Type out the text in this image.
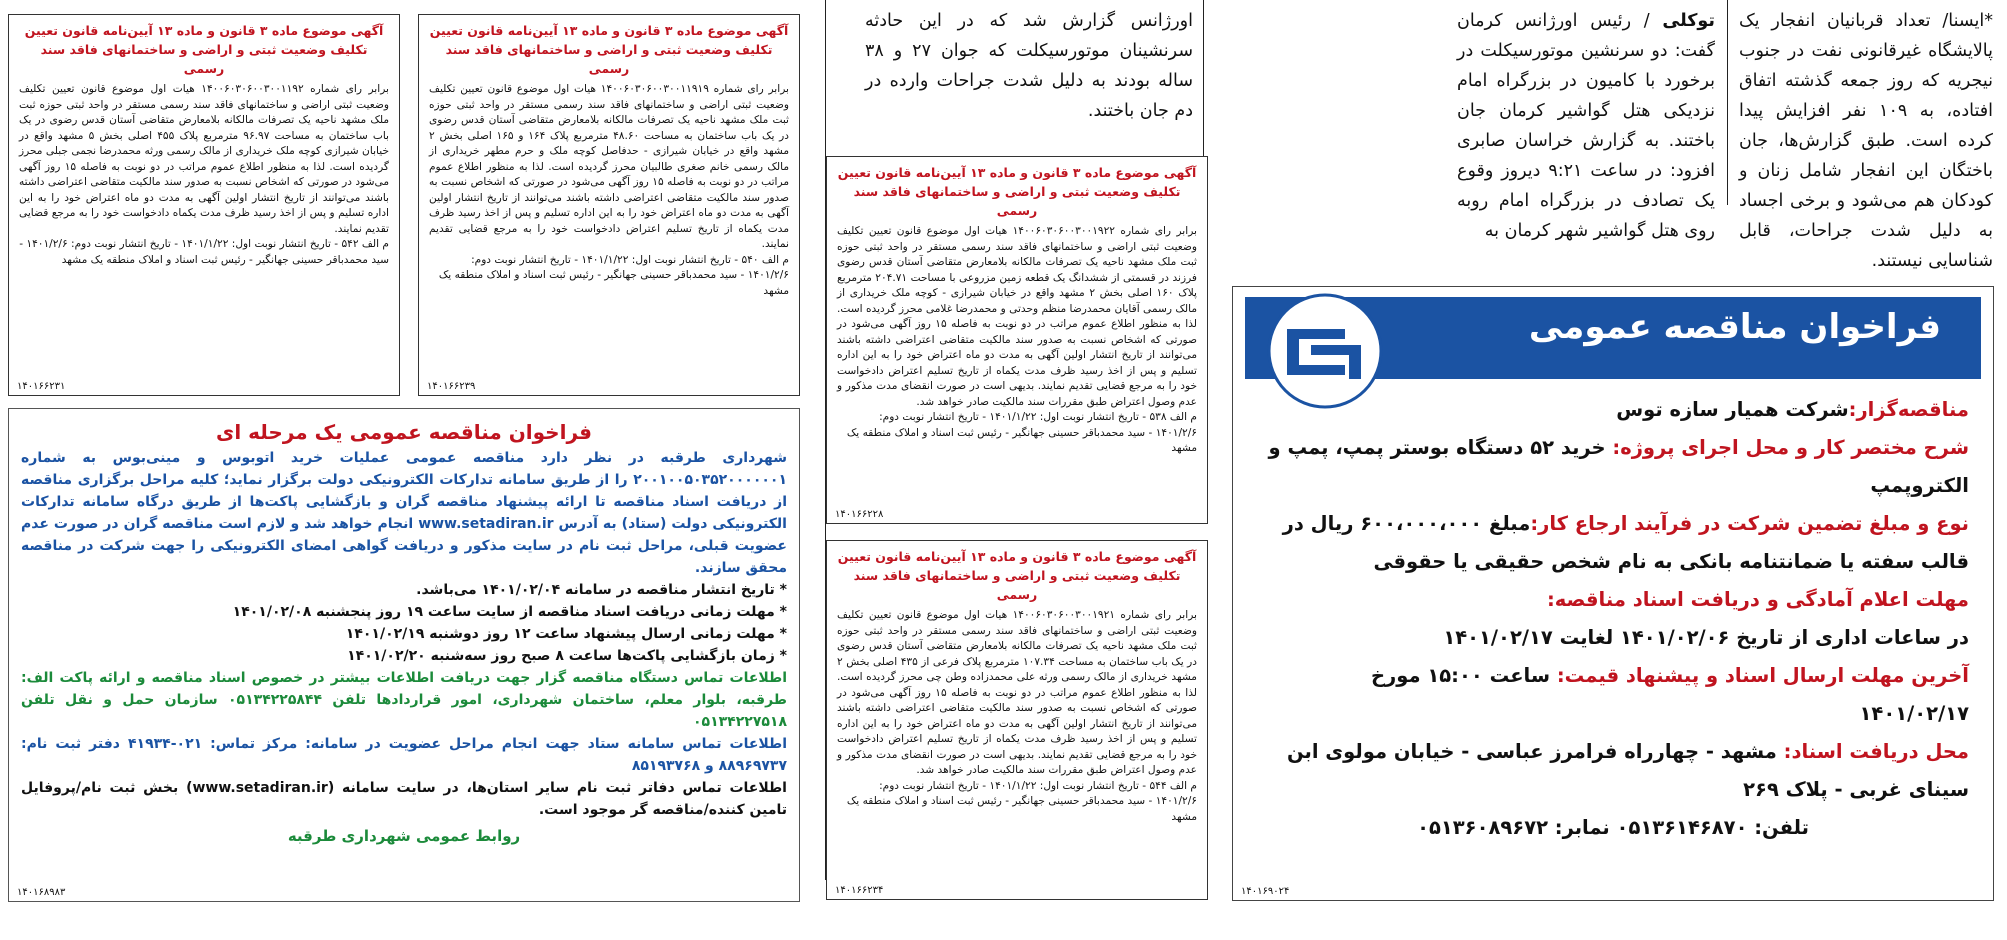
*ایسنا/ تعداد قربانیان انفجار یک پالایشگاه غیرقانونی نفت در جنوب نیجریه که روز جمعه گذشته اتفاق افتاده، به ۱۰۹ نفر افزایش پیدا کرده است. طبق گزارش‌ها، جان باختگان این انفجار شامل زنان و کودکان هم می‌شود و برخی اجساد به دلیل شدت جراحات، قابل شناسایی نیستند.
توکلی / رئیس اورژانس کرمان گفت: دو سرنشین موتورسیکلت در برخورد با کامیون در بزرگراه امام نزدیکی هتل گواشیر کرمان جان باختند. به گزارش خراسان صابری افزود: در ساعت ۹:۲۱ دیروز وقوع یک تصادف در بزرگراه امام روبه روی هتل گواشیر شهر کرمان به
اورژانس گزارش شد که در این حادثه سرنشینان موتورسیکلت که جوان ۲۷ و ۳۸ ساله بودند به دلیل شدت جراحات وارده در دم جان باختند.
فراخوان مناقصه عمومی

مناقصه‌گزار:شرکت همیار سازه توس

شرح مختصر کار و محل اجرای پروژه: خرید ۵۲ دستگاه بوستر پمپ، پمپ و الکتروپمپ

نوع و مبلغ تضمین شرکت در فرآیند ارجاع کار:مبلغ ۶۰۰،۰۰۰،۰۰۰ ریال در قالب سفته یا ضمانتنامه بانکی به نام شخص حقیقی یا حقوقی

مهلت اعلام آمادگی و دریافت اسناد مناقصه:

در ساعات اداری از تاریخ ۱۴۰۱/۰۲/۰۶ لغایت ۱۴۰۱/۰۲/۱۷

آخرین مهلت ارسال اسناد و پیشنهاد قیمت: ساعت ۱۵:۰۰ مورخ ۱۴۰۱/۰۲/۱۷

محل دریافت اسناد: مشهد - چهارراه فرامرز عباسی - خیابان مولوی ابن سینای غربی - پلاک ۲۶۹

تلفن: ۰۵۱۳۶۱۴۶۸۷۰ نمابر: ۰۵۱۳۶۰۸۹۶۷۲

۱۴۰۱۶۹۰۲۴
آگهی موضوع ماده ۳ قانون و ماده ۱۳ آیین‌نامه قانون تعیین تکلیف وضعیت ثبتی و اراضی و ساختمانهای فاقد سند رسمی
برابر رای شماره ۱۴۰۰۶۰۳۰۶۰۰۳۰۰۱۱۹۱۹ هیات اول موضوع قانون تعیین تکلیف وضعیت ثبتی اراضی و ساختمانهای فاقد سند رسمی مستقر در واحد ثبتی حوزه ثبت ملک مشهد ناحیه یک تصرفات مالکانه بلامعارض متقاضی آستان قدس رضوی در یک باب ساختمان به مساحت ۴۸.۶۰ مترمربع پلاک ۱۶۴ و ۱۶۵ اصلی بخش ۲ مشهد واقع در خیابان شیرازی - حدفاصل کوچه ملک و حرم مطهر خریداری از مالک رسمی خانم صغری طالبیان محرز گردیده است. لذا به منظور اطلاع عموم مراتب در دو نوبت به فاصله ۱۵ روز آگهی می‌شود در صورتی که اشخاص نسبت به صدور سند مالکیت متقاضی اعتراضی داشته باشند می‌توانند از تاریخ انتشار اولین آگهی به مدت دو ماه اعتراض خود را به این اداره تسلیم و پس از اخذ رسید ظرف مدت یکماه از تاریخ تسلیم اعتراض دادخواست خود را به مرجع قضایی تقدیم نمایند.
م الف ۵۴۰ - تاریخ انتشار نوبت اول: ۱۴۰۱/۱/۲۲ - تاریخ انتشار نوبت دوم: ۱۴۰۱/۲/۶ - سید محمدباقر حسینی جهانگیر - رئیس ثبت اسناد و املاک منطقه یک مشهد
۱۴۰۱۶۶۲۳۹
آگهی موضوع ماده ۳ قانون و ماده ۱۳ آیین‌نامه قانون تعیین تکلیف وضعیت ثبتی و اراضی و ساختمانهای فاقد سند رسمی
برابر رای شماره ۱۴۰۰۶۰۳۰۶۰۰۳۰۰۱۱۹۲ هیات اول موضوع قانون تعیین تکلیف وضعیت ثبتی اراضی و ساختمانهای فاقد سند رسمی مستقر در واحد ثبتی حوزه ثبت ملک مشهد ناحیه یک تصرفات مالکانه بلامعارض متقاضی آستان قدس رضوی در یک باب ساختمان به مساحت ۹۶.۹۷ مترمربع پلاک ۴۵۵ اصلی بخش ۵ مشهد واقع در خیابان شیرازی کوچه ملک خریداری از مالک رسمی ورثه محمدرضا نجمی جبلی محرز گردیده است. لذا به منظور اطلاع عموم مراتب در دو نوبت به فاصله ۱۵ روز آگهی می‌شود در صورتی که اشخاص نسبت به صدور سند مالکیت متقاضی اعتراضی داشته باشند می‌توانند از تاریخ انتشار اولین آگهی به مدت دو ماه اعتراض خود را به این اداره تسلیم و پس از اخذ رسید ظرف مدت یکماه دادخواست خود را به مرجع قضایی تقدیم نمایند.
م الف ۵۴۲ - تاریخ انتشار نوبت اول: ۱۴۰۱/۱/۲۲ - تاریخ انتشار نوبت دوم: ۱۴۰۱/۲/۶ - سید محمدباقر حسینی جهانگیر - رئیس ثبت اسناد و املاک منطقه یک مشهد
۱۴۰۱۶۶۲۳۱
آگهی موضوع ماده ۳ قانون و ماده ۱۳ آیین‌نامه قانون تعیین تکلیف وضعیت ثبتی و اراضی و ساختمانهای فاقد سند رسمی
برابر رای شماره ۱۴۰۰۶۰۳۰۶۰۰۳۰۰۱۹۲۲ هیات اول موضوع قانون تعیین تکلیف وضعیت ثبتی اراضی و ساختمانهای فاقد سند رسمی مستقر در واحد ثبتی حوزه ثبت ملک مشهد ناحیه یک تصرفات مالکانه بلامعارض متقاضی آستان قدس رضوی فرزند در قسمتی از ششدانگ یک قطعه زمین مزروعی با مساحت ۲۰۴.۷۱ مترمربع پلاک ۱۶۰ اصلی بخش ۲ مشهد واقع در خیابان شیرازی - کوچه ملک خریداری از مالک رسمی آقایان محمدرضا منظم وحدتی و محمدرضا غلامی محرز گردیده است. لذا به منظور اطلاع عموم مراتب در دو نوبت به فاصله ۱۵ روز آگهی می‌شود در صورتی که اشخاص نسبت به صدور سند مالکیت متقاضی اعتراضی داشته باشند می‌توانند از تاریخ انتشار اولین آگهی به مدت دو ماه اعتراض خود را به این اداره تسلیم و پس از اخذ رسید ظرف مدت یکماه از تاریخ تسلیم اعتراض دادخواست خود را به مرجع قضایی تقدیم نمایند. بدیهی است در صورت انقضای مدت مذکور و عدم وصول اعتراض طبق مقررات سند مالکیت صادر خواهد شد.
م الف ۵۳۸ - تاریخ انتشار نوبت اول: ۱۴۰۱/۱/۲۲ - تاریخ انتشار نوبت دوم: ۱۴۰۱/۲/۶ - سید محمدباقر حسینی جهانگیر - رئیس ثبت اسناد و املاک منطقه یک مشهد
۱۴۰۱۶۶۲۲۸
آگهی موضوع ماده ۳ قانون و ماده ۱۳ آیین‌نامه قانون تعیین تکلیف وضعیت ثبتی و اراضی و ساختمانهای فاقد سند رسمی
برابر رای شماره ۱۴۰۰۶۰۳۰۶۰۰۳۰۰۱۹۲۱ هیات اول موضوع قانون تعیین تکلیف وضعیت ثبتی اراضی و ساختمانهای فاقد سند رسمی مستقر در واحد ثبتی حوزه ثبت ملک مشهد ناحیه یک تصرفات مالکانه بلامعارض متقاضی آستان قدس رضوی در یک باب ساختمان به مساحت ۱۰۷.۳۴ مترمربع پلاک فرعی از ۴۳۵ اصلی بخش ۲ مشهد خریداری از مالک رسمی ورثه علی محمدزاده وطن چی محرز گردیده است. لذا به منظور اطلاع عموم مراتب در دو نوبت به فاصله ۱۵ روز آگهی می‌شود در صورتی که اشخاص نسبت به صدور سند مالکیت متقاضی اعتراضی داشته باشند می‌توانند از تاریخ انتشار اولین آگهی به مدت دو ماه اعتراض خود را به این اداره تسلیم و پس از اخذ رسید ظرف مدت یکماه از تاریخ تسلیم اعتراض دادخواست خود را به مرجع قضایی تقدیم نمایند. بدیهی است در صورت انقضای مدت مذکور و عدم وصول اعتراض طبق مقررات سند مالکیت صادر خواهد شد.
م الف ۵۴۴ - تاریخ انتشار نوبت اول: ۱۴۰۱/۱/۲۲ - تاریخ انتشار نوبت دوم: ۱۴۰۱/۲/۶ - سید محمدباقر حسینی جهانگیر - رئیس ثبت اسناد و املاک منطقه یک مشهد
۱۴۰۱۶۶۲۳۴
فراخوان مناقصه عمومی یک مرحله ای

شهرداری طرقبه در نظر دارد مناقصه عمومی عملیات خرید اتوبوس و مینی‌بوس به شماره ۲۰۰۱۰۰۵۰۳۵۲۰۰۰۰۰۰۱ را از طریق سامانه تدارکات الکترونیکی دولت برگزار نماید؛ کلیه مراحل برگزاری مناقصه از دریافت اسناد مناقصه تا ارائه پیشنهاد مناقصه گران و بازگشایی پاکت‌ها از طریق درگاه سامانه تدارکات الکترونیکی دولت (ستاد) به آدرس www.setadiran.ir انجام خواهد شد و لازم است مناقصه گران در صورت عدم عضویت قبلی، مراحل ثبت نام در سایت مذکور و دریافت گواهی امضای الکترونیکی را جهت شرکت در مناقصه محقق سازند.

* تاریخ انتشار مناقصه در سامانه ۱۴۰۱/۰۲/۰۴ می‌باشد.

* مهلت زمانی دریافت اسناد مناقصه از سایت ساعت ۱۹ روز پنجشنبه ۱۴۰۱/۰۲/۰۸

* مهلت زمانی ارسال پیشنهاد ساعت ۱۲ روز دوشنبه ۱۴۰۱/۰۲/۱۹

* زمان بازگشایی پاکت‌ها ساعت ۸ صبح روز سه‌شنبه ۱۴۰۱/۰۲/۲۰

اطلاعات تماس دستگاه مناقصه گزار جهت دریافت اطلاعات بیشتر در خصوص اسناد مناقصه و ارائه پاکت الف: طرقبه، بلوار معلم، ساختمان شهرداری، امور قراردادها تلفن ۰۵۱۳۴۲۲۵۸۴۴ سازمان حمل و نقل تلفن ۰۵۱۳۴۲۲۷۵۱۸

اطلاعات تماس سامانه ستاد جهت انجام مراحل عضویت در سامانه: مرکز تماس: ۰۲۱-۴۱۹۳۴ دفتر ثبت نام: ۸۸۹۶۹۷۳۷ و ۸۵۱۹۳۷۶۸

اطلاعات تماس دفاتر ثبت نام سایر استان‌ها، در سایت سامانه (www.setadiran.ir) بخش ثبت نام/پروفایل تامین کننده/مناقصه گر موجود است.

روابط عمومی شهرداری طرقبه
۱۴۰۱۶۸۹۸۳
